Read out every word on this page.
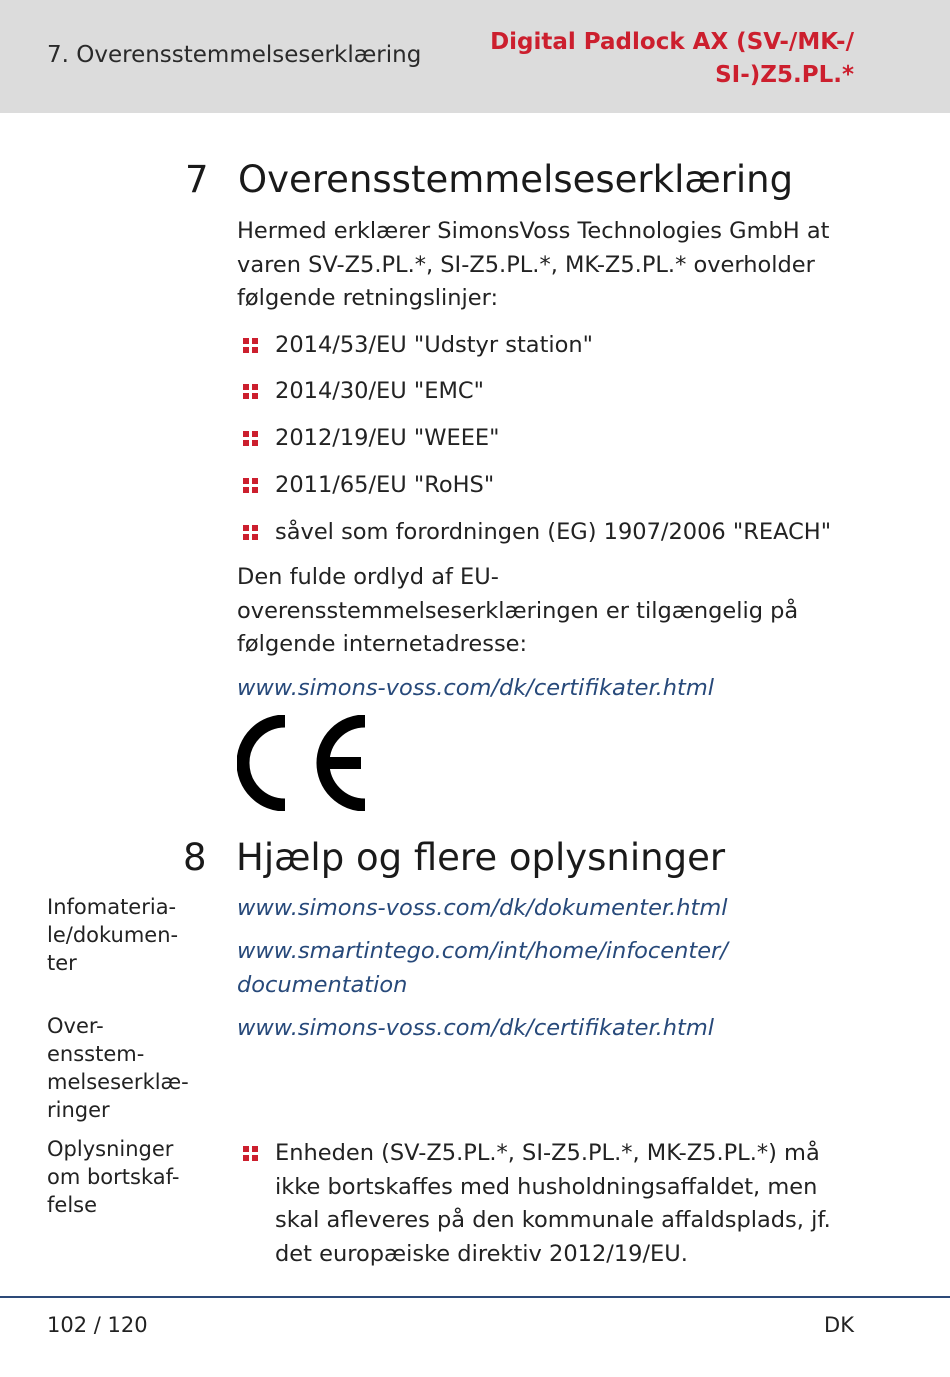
7. Overensstemmelseserklæring	Digital Padlock AX (SV-/MK-/
SI-)Z5.PL.*
7 Overensstemmelseserklæring
Hermed erklærer SimonsVoss Technologies GmbH at
varen SV-Z5.PL.*, SI-Z5.PL.*, MK-Z5.PL.* overholder
følgende retningslinjer:
2014/53/EU "Udstyr station"
2014/30/EU "EMC"
2012/19/EU "WEEE"
2011/65/EU "RoHS"
såvel som forordningen (EG) 1907/2006 "REACH"
Den fulde ordlyd af EU-
overensstemmelseserklæringen er tilgængelig på
følgende internetadresse:
www.simons-voss.com/dk/certifikater.html
8 Hjælp og flere oplysninger
Infomateria-
le/dokumen-
ter
www.simons-voss.com/dk/dokumenter.html
www.smartintego.com/int/home/infocenter/
documentation
Over-
ensstem-
melseserklæ-
ringer
www.simons-voss.com/dk/certifikater.html
Oplysninger
om bortskaf-
felse
Enheden (SV-Z5.PL.*, SI-Z5.PL.*, MK-Z5.PL.*) må
ikke bortskaffes med husholdningsaffaldet, men
skal afleveres på den kommunale affaldsplads, jf.
det europæiske direktiv 2012/19/EU.
102 / 120	DK
